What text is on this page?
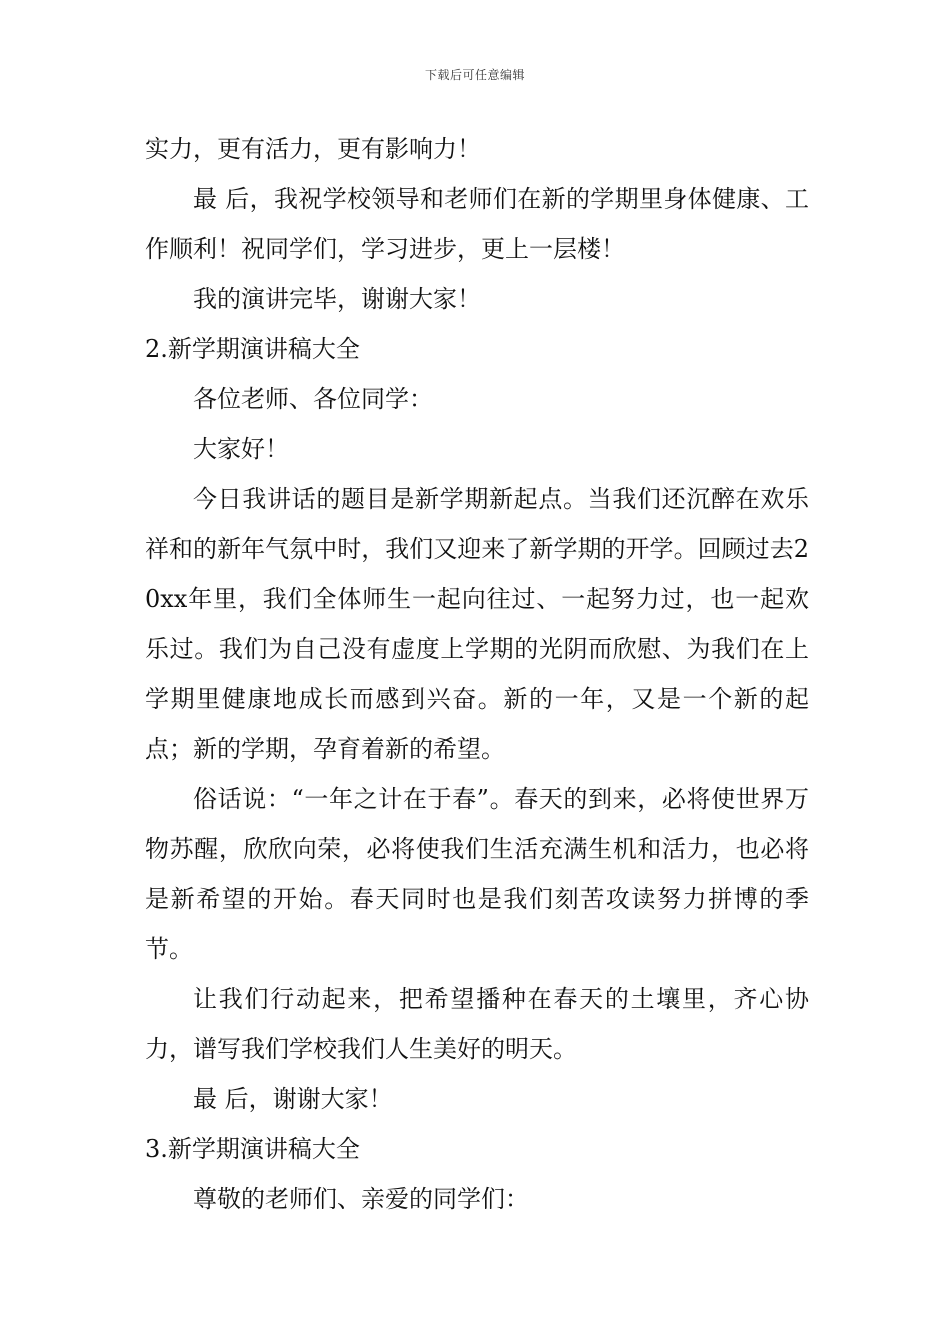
下载后可任意编辑

实力，更有活力，更有影响力！

最 后，我祝学校领导和老师们在新的学期里身体健康、工作顺利！祝同学们，学习进步，更上一层楼！

我的演讲完毕，谢谢大家！

2.新学期演讲稿大全

各位老师、各位同学：

大家好！

今日我讲话的题目是新学期新起点。当我们还沉醉在欢乐祥和的新年气氛中时，我们又迎来了新学期的开学。回顾过去20xx年里，我们全体师生一起向往过、一起努力过，也一起欢乐过。我们为自己没有虚度上学期的光阴而欣慰、为我们在上学期里健康地成长而感到兴奋。新的一年，又是一个新的起点；新的学期，孕育着新的希望。

俗话说：“一年之计在于春”。春天的到来，必将使世界万物苏醒，欣欣向荣，必将使我们生活充满生机和活力，也必将是新希望的开始。春天同时也是我们刻苦攻读努力拼博的季节。

让我们行动起来，把希望播种在春天的土壤里，齐心协力，谱写我们学校我们人生美好的明天。

最 后，谢谢大家！

3.新学期演讲稿大全

尊敬的老师们、亲爱的同学们：
